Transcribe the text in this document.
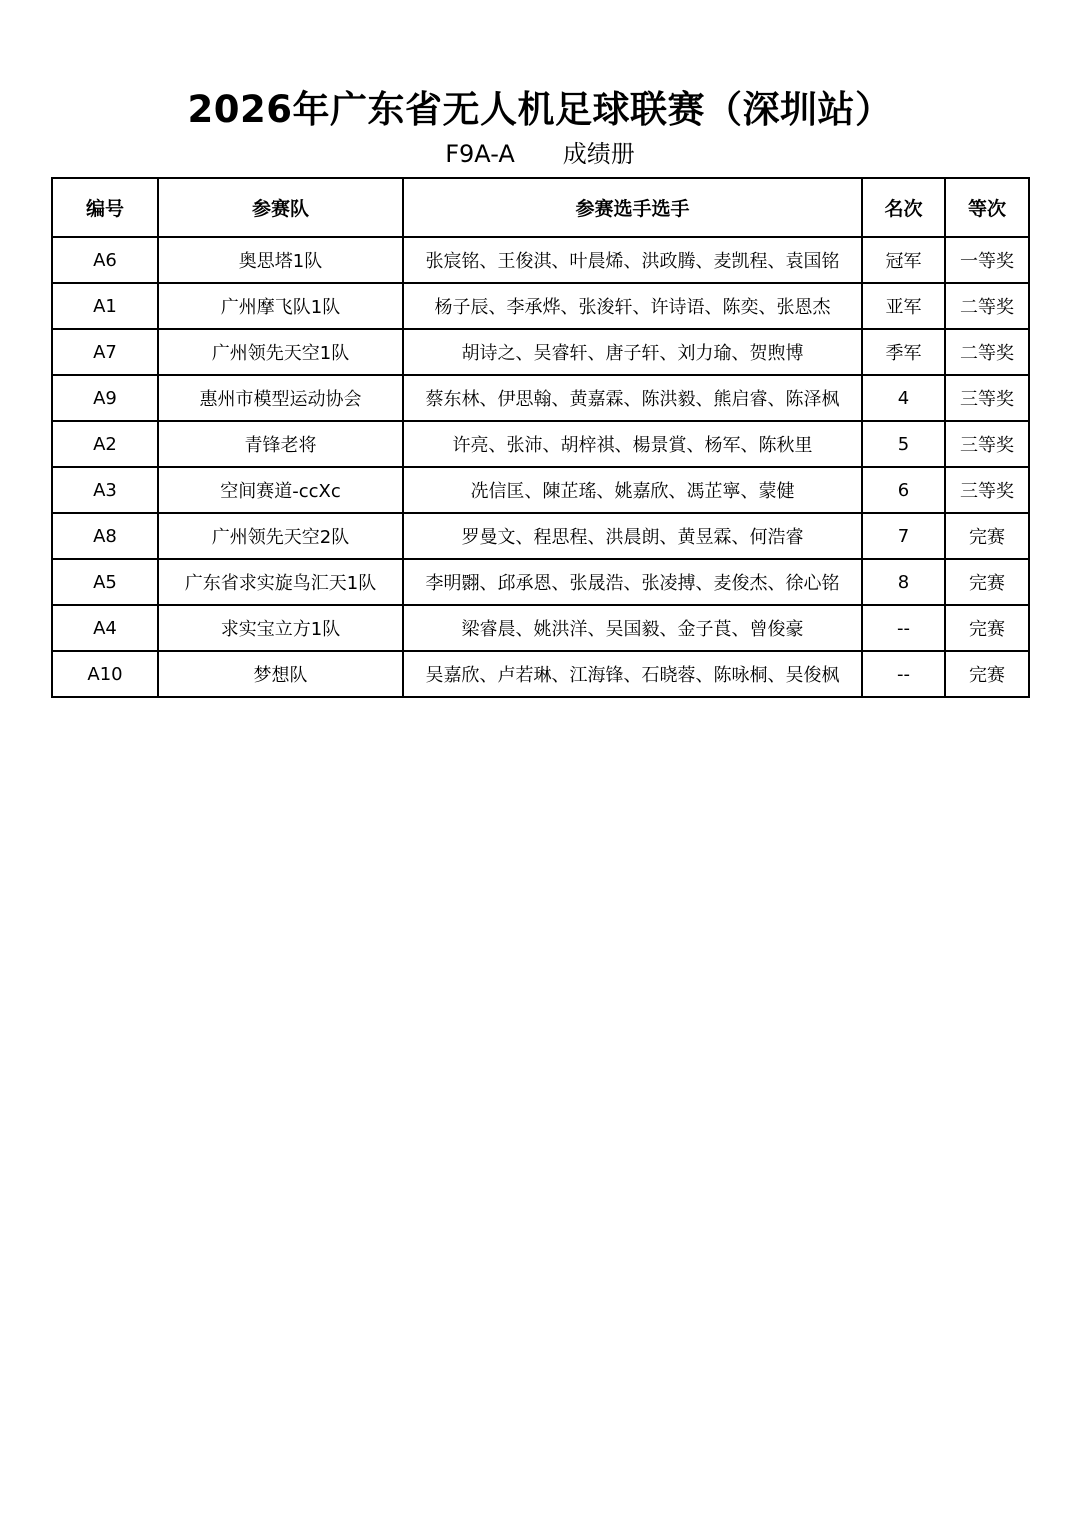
2026年广东省无人机足球联赛（深圳站）
F9A-A 成绩册
编号	参赛队	参赛选手选手	名次	等次
A6	奥思塔1队	张宸铭、王俊淇、叶晨烯、洪政腾、麦凯程、袁国铭	冠军	一等奖
A1	广州摩飞队1队	杨子辰、李承烨、张浚轩、许诗语、陈奕、张恩杰	亚军	二等奖
A7	广州领先天空1队	胡诗之、吴睿轩、唐子轩、刘力瑜、贺煦博	季军	二等奖
A9	惠州市模型运动协会	蔡东林、伊思翰、黄嘉霖、陈洪毅、熊启睿、陈泽枫	4	三等奖
A2	青锋老将	许亮、张沛、胡梓祺、楊景賞、杨军、陈秋里	5	三等奖
A3	空间赛道-ccXc	冼信匡、陳芷瑤、姚嘉欣、馮芷寧、蒙健	6	三等奖
A8	广州领先天空2队	罗曼文、程思程、洪晨朗、黄昱霖、何浩睿	7	完赛
A5	广东省求实旋鸟汇天1队	李明翾、邱承恩、张晟浩、张凌搏、麦俊杰、徐心铭	8	完赛
A4	求实宝立方1队	梁睿晨、姚洪洋、吴国毅、金子莨、曾俊豪	--	完赛
A10	梦想队	吴嘉欣、卢若琳、江海锋、石晓蓉、陈咏桐、吴俊枫	--	完赛
